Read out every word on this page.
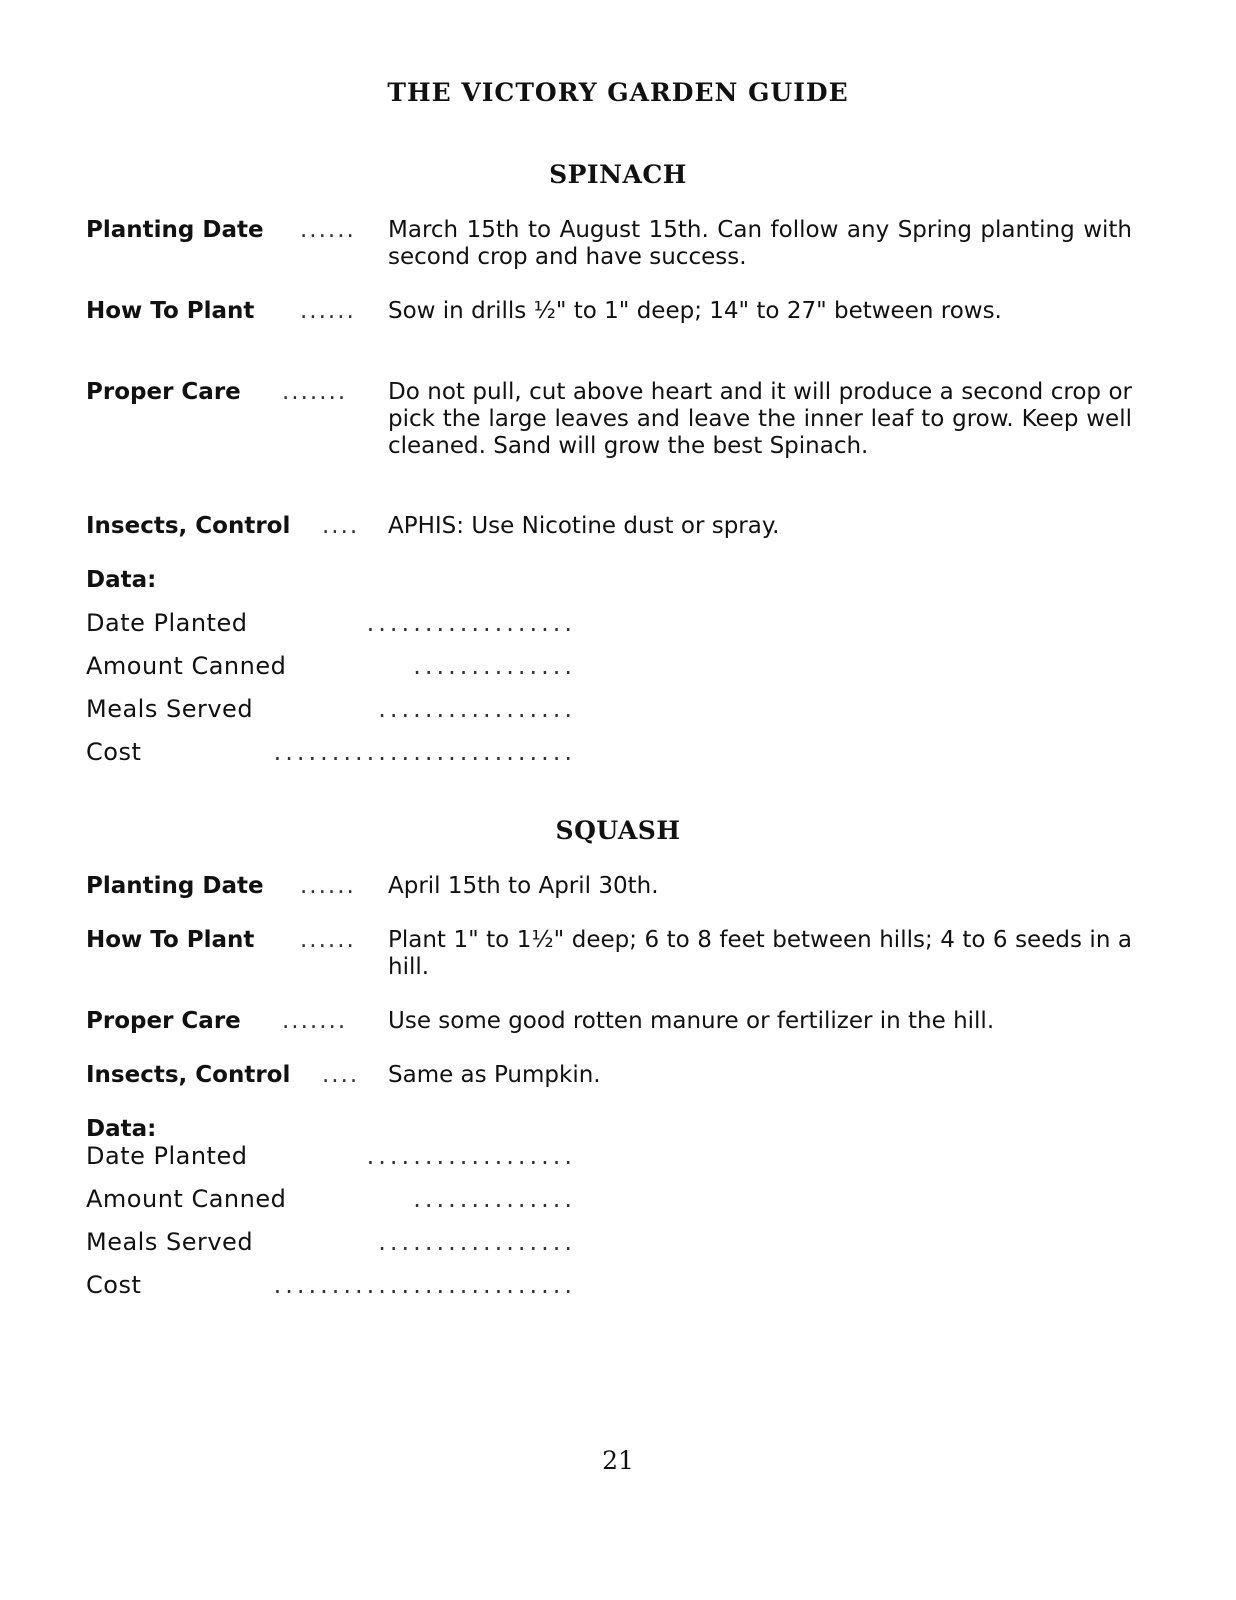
THE VICTORY GARDEN GUIDE
SPINACH
Planting Date ...... March 15th to August 15th. Can follow any Spring planting with second crop and have success.
How To Plant ...... Sow in drills ½" to 1" deep; 14" to 27" between rows.
Proper Care ....... Do not pull, cut above heart and it will produce a second crop or pick the large leaves and leave the inner leaf to grow. Keep well cleaned. Sand will grow the best Spinach.
Insects, Control .... APHIS: Use Nicotine dust or spray.
Data:
Date Planted	..................
Amount Canned	..............
Meals Served	.................
Cost	..........................
SQUASH
Planting Date ...... April 15th to April 30th.
How To Plant ...... Plant 1" to 1½" deep; 6 to 8 feet between hills; 4 to 6 seeds in a hill.
Proper Care ....... Use some good rotten manure or fertilizer in the hill.
Insects, Control .... Same as Pumpkin.
Data:
Date Planted	..................
Amount Canned	..............
Meals Served	.................
Cost	..........................
21
